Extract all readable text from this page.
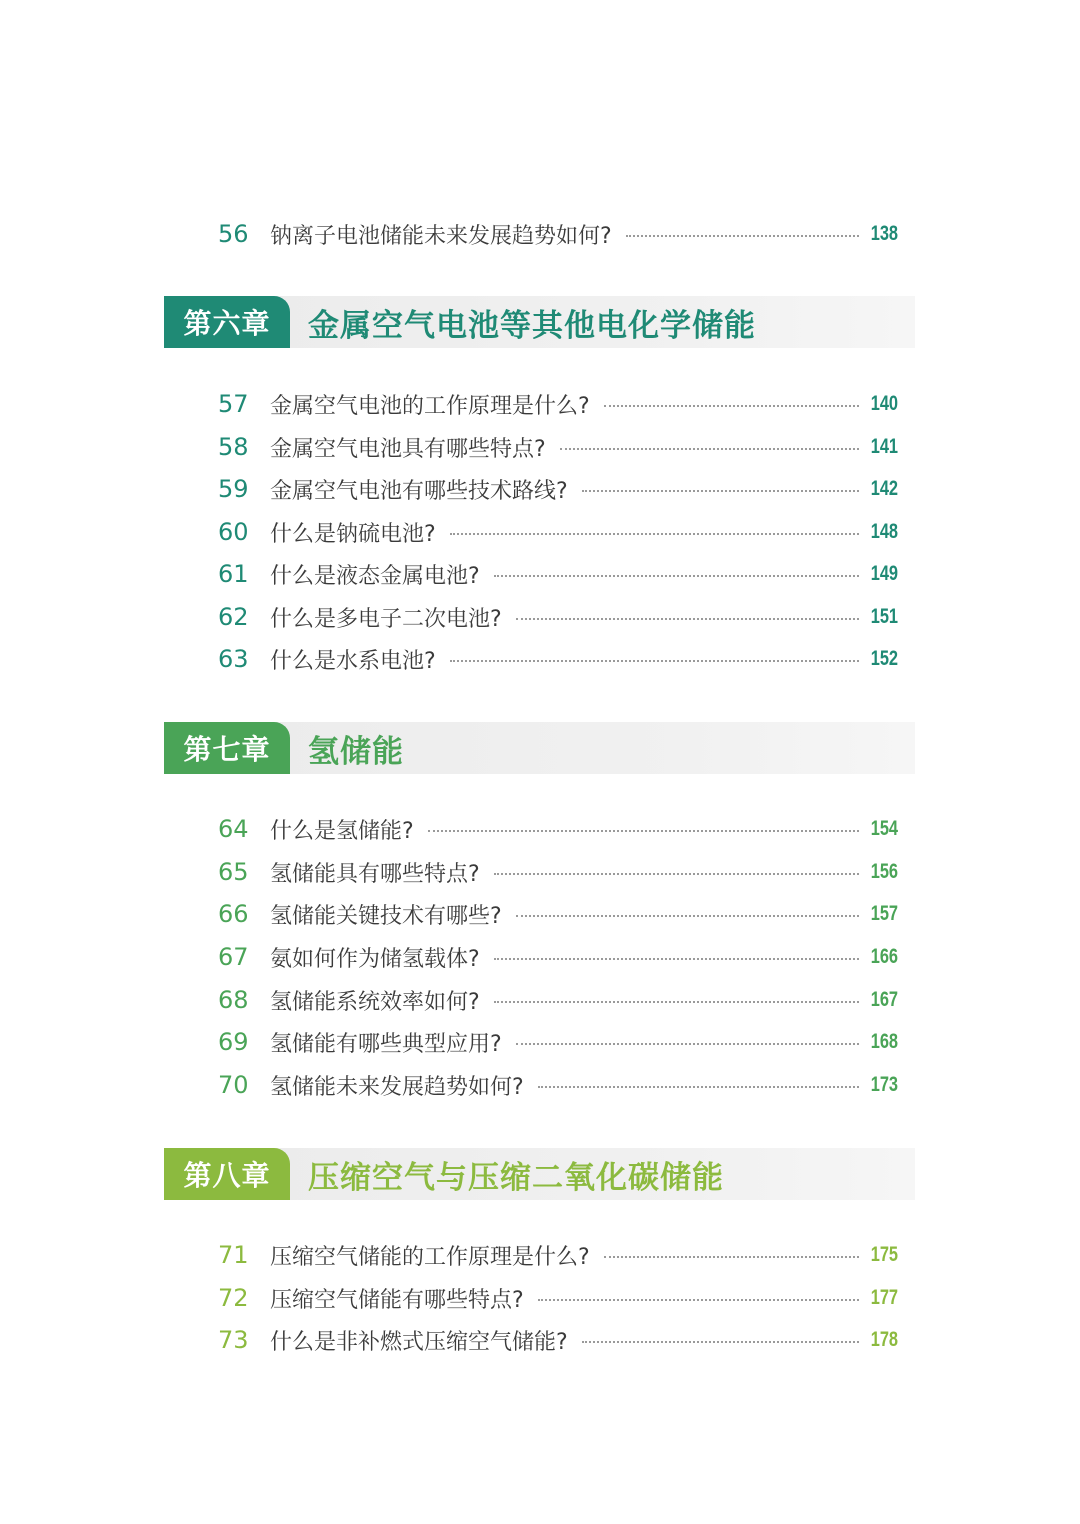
56 钠离子电池储能未来发展趋势如何?	138
第六章	金属空气电池等其他电化学储能
57 金属空气电池的工作原理是什么?	140
58 金属空气电池具有哪些特点?	141
59 金属空气电池有哪些技术路线?	142
60 什么是钠硫电池?	148
61 什么是液态金属电池?	149
62 什么是多电子二次电池?	151
63 什么是水系电池?	152
第七章	氢储能
64 什么是氢储能?	154
65 氢储能具有哪些特点?	156
66 氢储能关键技术有哪些?	157
67 氨如何作为储氢载体?	166
68 氢储能系统效率如何?	167
69 氢储能有哪些典型应用?	168
70 氢储能未来发展趋势如何?	173
第八章	压缩空气与压缩二氧化碳储能
71 压缩空气储能的工作原理是什么?	175
72 压缩空气储能有哪些特点?	177
73 什么是非补燃式压缩空气储能?	178
